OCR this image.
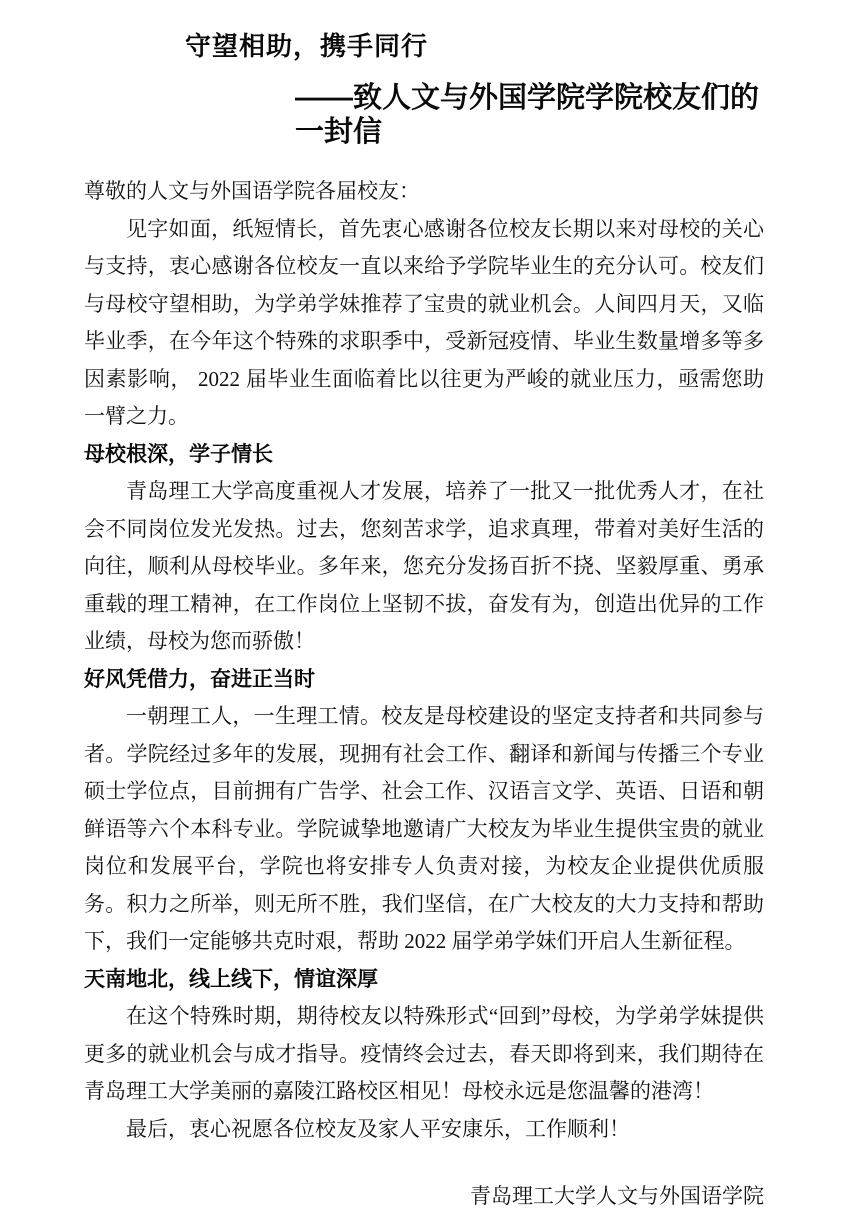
守望相助，携手同行
——致人文与外国学院学院校友们的一封信

尊敬的人文与外国语学院各届校友：

见字如面，纸短情长，首先衷心感谢各位校友长期以来对母校的关心与支持，衷心感谢各位校友一直以来给予学院毕业生的充分认可。校友们与母校守望相助，为学弟学妹推荐了宝贵的就业机会。人间四月天，又临毕业季，在今年这个特殊的求职季中，受新冠疫情、毕业生数量增多等多因素影响， 2022 届毕业生面临着比以往更为严峻的就业压力，亟需您助一臂之力。

母校根深，学子情长

青岛理工大学高度重视人才发展，培养了一批又一批优秀人才，在社会不同岗位发光发热。过去，您刻苦求学，追求真理，带着对美好生活的向往，顺利从母校毕业。多年来，您充分发扬百折不挠、坚毅厚重、勇承重载的理工精神，在工作岗位上坚韧不拔，奋发有为，创造出优异的工作业绩，母校为您而骄傲！

好风凭借力，奋进正当时

一朝理工人，一生理工情。校友是母校建设的坚定支持者和共同参与者。学院经过多年的发展，现拥有社会工作、翻译和新闻与传播三个专业硕士学位点，目前拥有广告学、社会工作、汉语言文学、英语、日语和朝鲜语等六个本科专业。学院诚挚地邀请广大校友为毕业生提供宝贵的就业岗位和发展平台，学院也将安排专人负责对接，为校友企业提供优质服务。积力之所举，则无所不胜，我们坚信，在广大校友的大力支持和帮助下，我们一定能够共克时艰，帮助 2022 届学弟学妹们开启人生新征程。

天南地北，线上线下，情谊深厚

在这个特殊时期，期待校友以特殊形式“回到”母校，为学弟学妹提供更多的就业机会与成才指导。疫情终会过去，春天即将到来，我们期待在青岛理工大学美丽的嘉陵江路校区相见！母校永远是您温馨的港湾！

最后，衷心祝愿各位校友及家人平安康乐，工作顺利！

青岛理工大学人文与外国语学院
